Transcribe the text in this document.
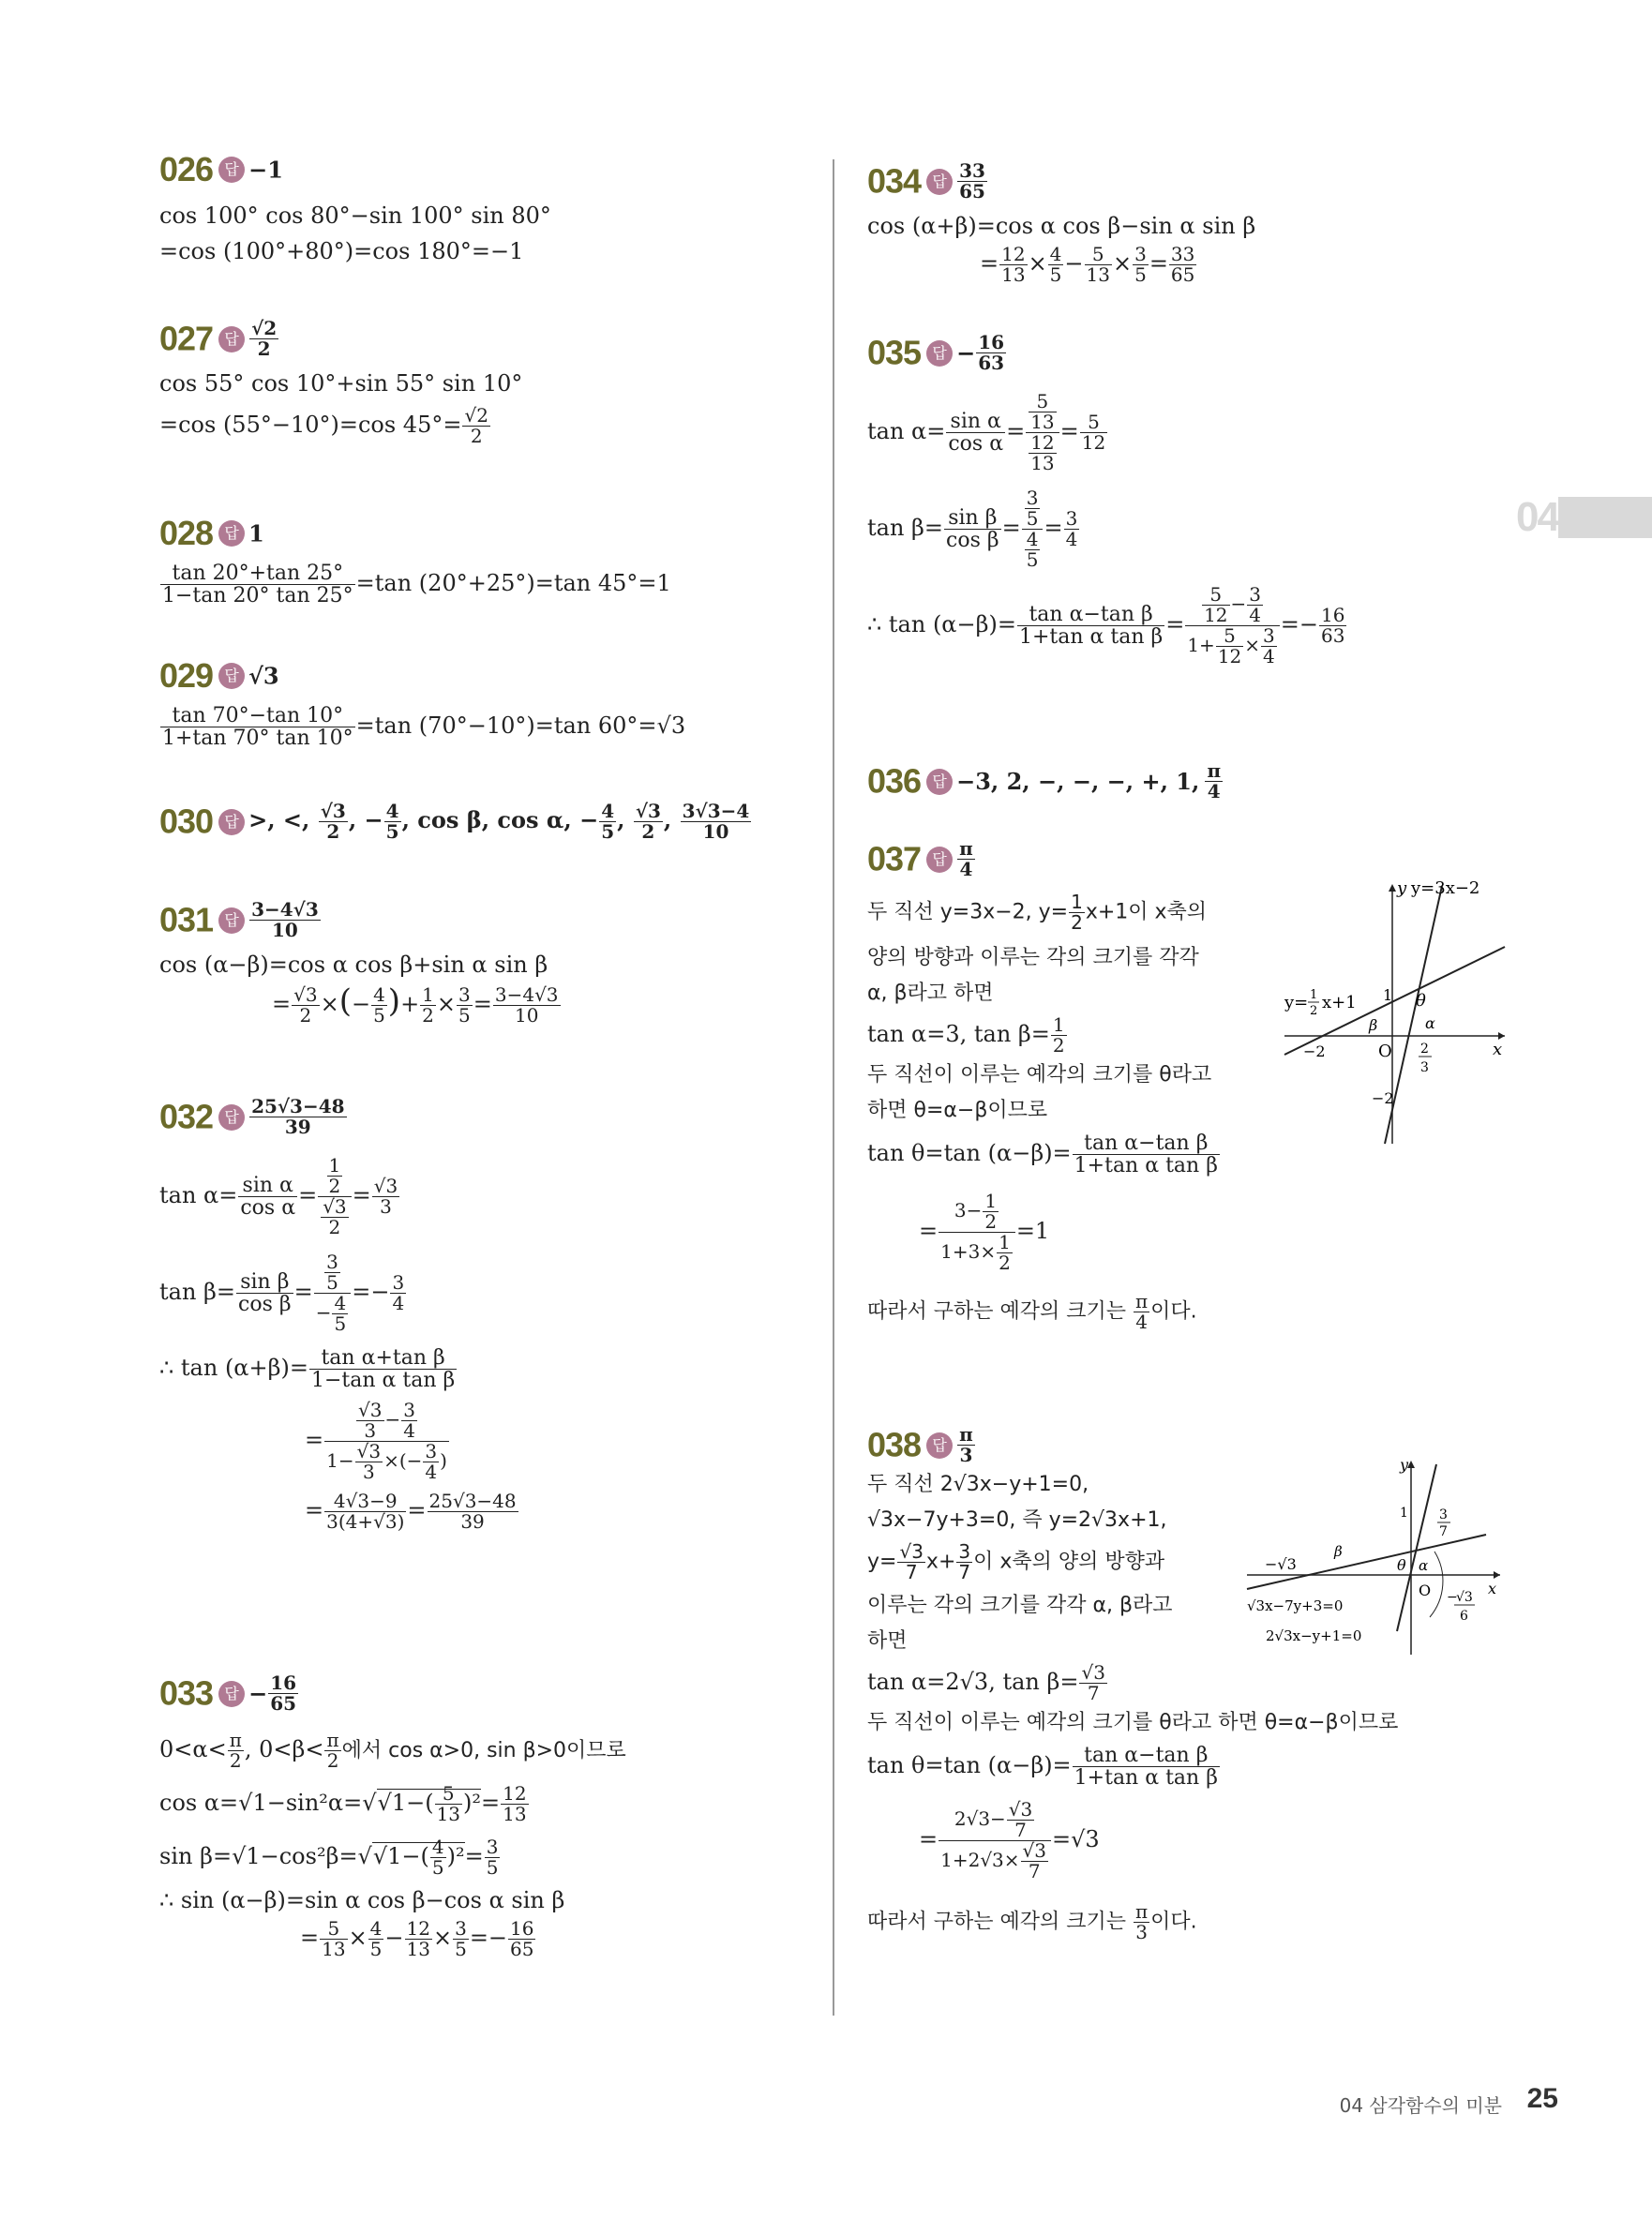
04
026 답 −1
cos 100° cos 80°−sin 100° sin 80°
=cos (100°+80°)=cos 180°=−1
027 답 $\frac{√2}{2}$
cos 55° cos 10°+sin 55° sin 10°
=cos (55°−10°)=cos $45^\circ= \frac{√2}{2}$
028 답 1
$\frac{\tan 20^\circ+\tan 25^\circ}{1-\tan 20^\circ \tan 25^\circ} =\tan$ (20°+25°)=tan 45°=1
029 답 √3
$\frac{\tan 70^\circ-\tan 10^\circ}{1+\tan 70^\circ \tan 10^\circ} =\tan$ (70°−10°)=tan 60°=√3
030 답 >, <, $\frac{√3}{2}$ , − $\frac{4}{5}$ , cos β, cos α, − $\frac{4}{5}$ , $\frac{√3}{2}$ , $\frac{3√3-4}{10}$
031 답 $\frac{3-4√3}{10}$
cos (α−β)=cos α cos β+sin α sin β
= $\frac{√3}{2}$ ×(− $\frac{4}{5}$ )+ $\frac{1}{2} \times \frac{3}{5} = \frac{3-4√3}{10}$
032 답 $\frac{25√3-48}{39}$
$\tan \alpha= \frac{\text{sin α}}{\text{cos α}} = \frac{\frac{1}{2}}{\frac{√3}{2}} = \frac{√3}{3}$
$\tan \beta= \frac{\text{sin β}}{\text{cos β}} = \frac{\frac{3}{5}}{- \frac{4}{5}} =- \frac{3}{4}$
∴ $\tan (\alpha+\beta)= \frac{\text{tan α+tan β}}{\text{1−tan α tan β}}$
= $\frac{\frac{√3}{3} - \frac{3}{4}}{1- \frac{√3}{3} \times(- \frac{3}{4} )}$
= $\frac{4√3-9}{3(4+√3)} = \frac{25√3-48}{39}$
033 답 − $\frac{16}{65}$
$0<\alpha< \frac{\pi}{2}$ , $0<\beta< \frac{\pi}{2}$ 에서 cos α>0, sin β>0이므로
cos α=√1−sin²α=√ √ $1-( \frac{5}{13} )^2= \frac{12}{13}$
sin β=√1−cos²β=√ √ $1-( \frac{4}{5} )^2= \frac{3}{5}$
∴ sin (α−β)=sin α cos β−cos α sin β
= $\frac{5}{13} \times \frac{4}{5} - \frac{12}{13} \times \frac{3}{5} =- \frac{16}{65}$
034 답 $\frac{33}{65}$
cos (α+β)=cos α cos β−sin α sin β
= $\frac{12}{13} \times \frac{4}{5} - \frac{5}{13} \times \frac{3}{5} = \frac{33}{65}$
035 답 − $\frac{16}{63}$
$\tan \alpha= \frac{\text{sin α}}{\text{cos α}} = \frac{\frac{5}{13}}{\frac{12}{13}} = \frac{5}{12}$
$\tan \beta= \frac{\text{sin β}}{\text{cos β}} = \frac{\frac{3}{5}}{\frac{4}{5}} = \frac{3}{4}$
∴ $\tan (\alpha-\beta)= \frac{\text{tan α−tan β}}{\text{1+tan α tan β}} = \frac{\frac{5}{12} - \frac{3}{4}}{1+ \frac{5}{12} \times \frac{3}{4}} =- \frac{16}{63}$
036 답 −3, 2, −, −, −, +, 1, $\frac{\pi}{4}$
037 답 $\frac{\pi}{4}$
두 직선 y=3x−2, $y= \frac{1}{2} x+1$이 x축의
양의 방향과 이루는 각의 크기를 각각
α, β라고 하면
tan α=3, $\tan \beta= \frac{1}{2}$
두 직선이 이루는 예각의 크기를 θ라고
하면 θ=α−β이므로
tan θ=tan $(\alpha-\beta)= \frac{\text{tan α−tan β}}{\text{1+tan α tan β}}$
= $\frac{3- \frac{1}{2}}{1+3\times \frac{1}{2}} =1$
따라서 구하는 예각의 크기는 $\frac{\pi}{4}$ 이다.
y y=3x−2
x
O
−2
−2
1 θ
α
β
2
3
y= 1
2 x+1
038 답 $\frac{\pi}{3}$
두 직선 2√3x−y+1=0,
√3x−7y+3=0, 즉 y=2√3x+1,
$y= \frac{√3}{7} x+ \frac{3}{7}$ 이 x축의 양의 방향과
이루는 각의 크기를 각각 α, β라고
하면
tan α=2√3, $\tan \beta= \frac{√3}{7}$
두 직선이 이루는 예각의 크기를 θ라고 하면 θ=α−β이므로
tan θ=tan $(\alpha-\beta)= \frac{\text{tan α−tan β}}{\text{1+tan α tan β}}$
= $\frac{2√3- \frac{√3}{7}}{1+2√3\times \frac{√3}{7}} =√3$
따라서 구하는 예각의 크기는 $\frac{\pi}{3}$ 이다.
y
x
O
1
−√3	θ α
β
3
7
−
√3
6
√3x−7y+3=0
2√3x−y+1=0
04 삼각함수의 미분 25
